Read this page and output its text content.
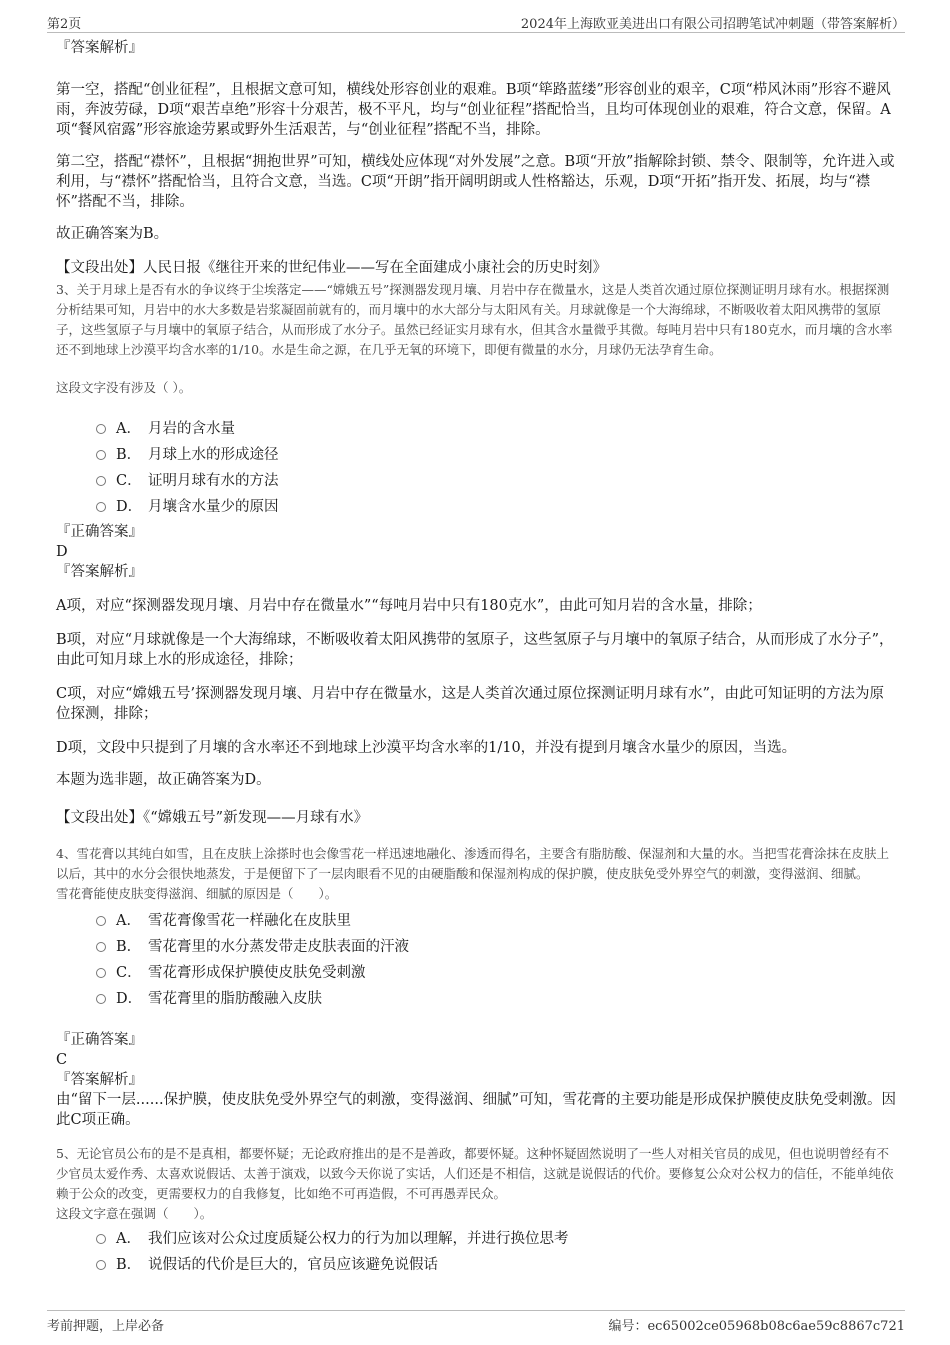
第2页	2024年上海欧亚美进出口有限公司招聘笔试冲刺题（带答案解析）

『答案解析』

第一空，搭配“创业征程”，且根据文意可知，横线处形容创业的艰难。B项“筚路蓝缕”形容创业的艰辛，C项“栉风沐雨”形容不避风雨，奔波劳碌，D项“艰苦卓绝”形容十分艰苦，极不平凡，均与“创业征程”搭配恰当，且均可体现创业的艰难，符合文意，保留。A项“餐风宿露”形容旅途劳累或野外生活艰苦，与“创业征程”搭配不当，排除。

第二空，搭配“襟怀”，且根据“拥抱世界”可知，横线处应体现“对外发展”之意。B项“开放”指解除封锁、禁令、限制等，允许进入或利用，与“襟怀”搭配恰当，且符合文意，当选。C项“开朗”指开阔明朗或人性格豁达，乐观，D项“开拓”指开发、拓展，均与“襟怀”搭配不当，排除。

故正确答案为B。

【文段出处】人民日报《继往开来的世纪伟业——写在全面建成小康社会的历史时刻》

3、关于月球上是否有水的争议终于尘埃落定——“嫦娥五号”探测器发现月壤、月岩中存在微量水，这是人类首次通过原位探测证明月球有水。根据探测分析结果可知，月岩中的水大多数是岩浆凝固前就有的，而月壤中的水大部分与太阳风有关。月球就像是一个大海绵球，不断吸收着太阳风携带的氢原子，这些氢原子与月壤中的氧原子结合，从而形成了水分子。虽然已经证实月球有水，但其含水量微乎其微。每吨月岩中只有180克水，而月壤的含水率还不到地球上沙漠平均含水率的1/10。水是生命之源，在几乎无氧的环境下，即便有微量的水分，月球仍无法孕育生命。

这段文字没有涉及（ ）。

A． 月岩的含水量
B． 月球上水的形成途径
C． 证明月球有水的方法
D． 月壤含水量少的原因

『正确答案』

D

『答案解析』

A项，对应“探测器发现月壤、月岩中存在微量水”“每吨月岩中只有180克水”，由此可知月岩的含水量，排除；

B项，对应“月球就像是一个大海绵球，不断吸收着太阳风携带的氢原子，这些氢原子与月壤中的氧原子结合，从而形成了水分子”，由此可知月球上水的形成途径，排除；

C项，对应“嫦娥五号’探测器发现月壤、月岩中存在微量水，这是人类首次通过原位探测证明月球有水”，由此可知证明的方法为原位探测，排除；

D项，文段中只提到了月壤的含水率还不到地球上沙漠平均含水率的1/10，并没有提到月壤含水量少的原因，当选。

本题为选非题，故正确答案为D。

【文段出处】《“嫦娥五号”新发现——月球有水》

4、雪花膏以其纯白如雪，且在皮肤上涂搽时也会像雪花一样迅速地融化、渗透而得名，主要含有脂肪酸、保湿剂和大量的水。当把雪花膏涂抹在皮肤上以后，其中的水分会很快地蒸发，于是便留下了一层肉眼看不见的由硬脂酸和保湿剂构成的保护膜，使皮肤免受外界空气的刺激，变得滋润、细腻。

雪花膏能使皮肤变得滋润、细腻的原因是（　　）。

A． 雪花膏像雪花一样融化在皮肤里
B． 雪花膏里的水分蒸发带走皮肤表面的汗液
C． 雪花膏形成保护膜使皮肤免受刺激
D． 雪花膏里的脂肪酸融入皮肤

『正确答案』

C

『答案解析』

由“留下一层......保护膜，使皮肤免受外界空气的刺激，变得滋润、细腻”可知，雪花膏的主要功能是形成保护膜使皮肤免受刺激。因此C项正确。

5、无论官员公布的是不是真相，都要怀疑；无论政府推出的是不是善政，都要怀疑。这种怀疑固然说明了一些人对相关官员的成见，但也说明曾经有不少官员太爱作秀、太喜欢说假话、太善于演戏，以致今天你说了实话，人们还是不相信，这就是说假话的代价。要修复公众对公权力的信任，不能单纯依赖于公众的改变，更需要权力的自我修复，比如绝不可再造假，不可再愚弄民众。

这段文字意在强调（　　）。

A． 我们应该对公众过度质疑公权力的行为加以理解，并进行换位思考
B． 说假话的代价是巨大的，官员应该避免说假话
考前押题，上岸必备	编号：ec65002ce05968b08c6ae59c8867c721
